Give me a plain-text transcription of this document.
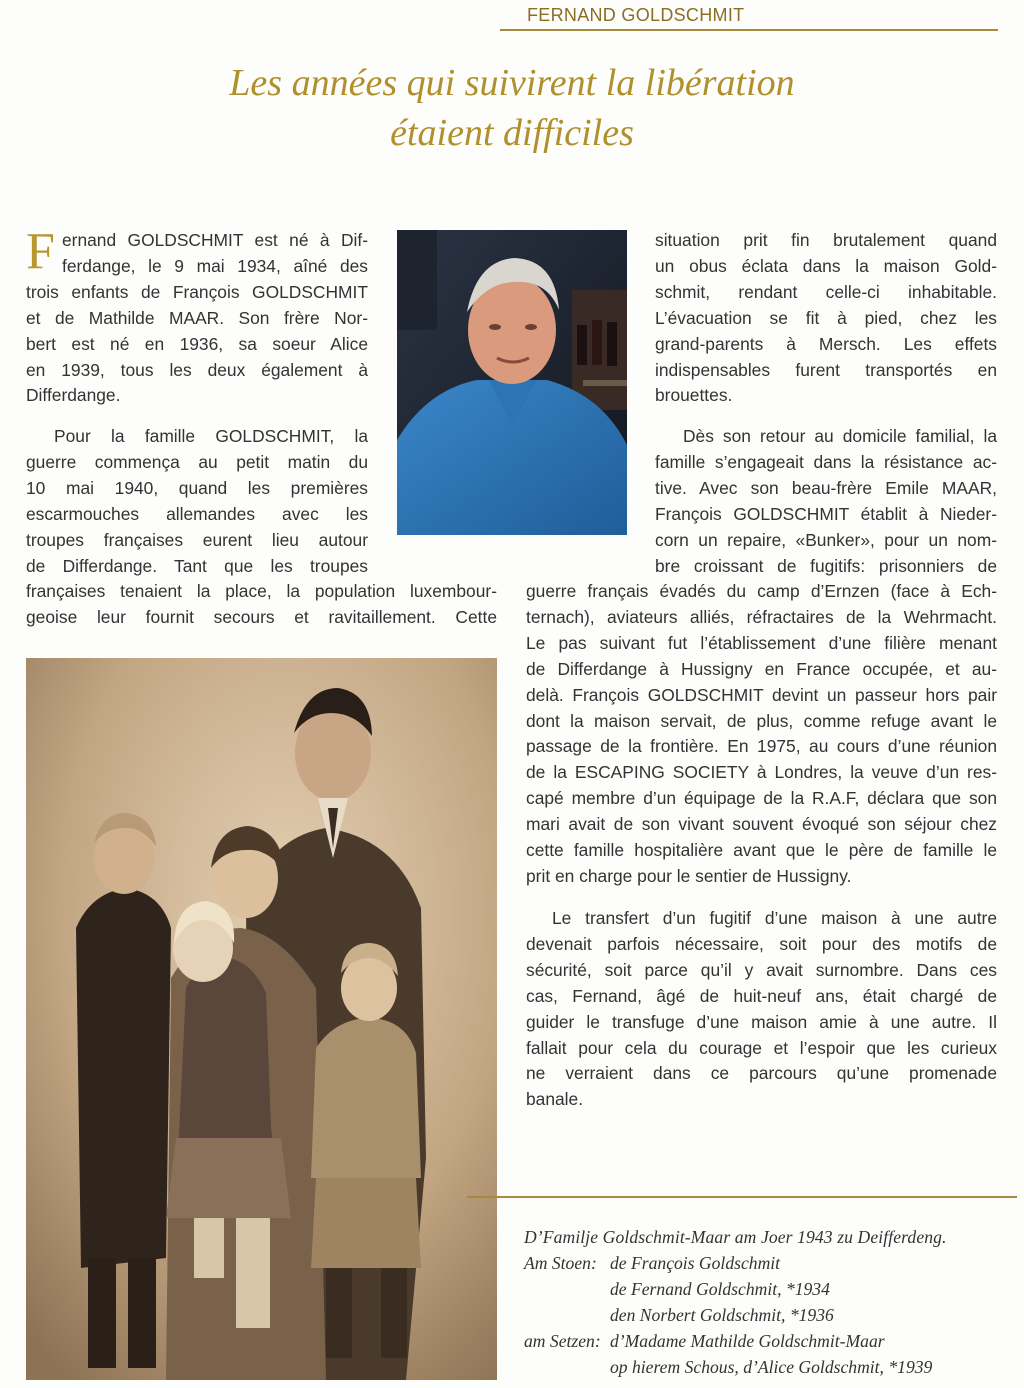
FERNAND GOLDSCHMIT
Les années qui suivirent la libération
étaient difficiles
F ernand GOLDSCHMIT est né à Dif-
ferdange, le 9 mai 1934, aîné des
trois enfants de François GOLDSCHMIT
et de Mathilde MAAR. Son frère Nor-
bert est né en 1936, sa soeur Alice
en 1939, tous les deux également à
Differdange.
Pour la famille GOLDSCHMIT, la
guerre commença au petit matin du
10 mai 1940, quand les premières
escarmouches allemandes avec les
troupes françaises eurent lieu autour
de Differdange. Tant que les troupes
françaises tenaient la place, la population luxembour-
geoise leur fournit secours et ravitaillement. Cette
situation prit fin brutalement quand
un obus éclata dans la maison Gold-
schmit, rendant celle-ci inhabitable.
L’évacuation se fit à pied, chez les
grand-parents à Mersch. Les effets
indispensables furent transportés en
brouettes.
Dès son retour au domicile familial, la
famille s’engageait dans la résistance ac-
tive. Avec son beau-frère Emile MAAR,
François GOLDSCHMIT établit à Nieder-
corn un repaire, «Bunker», pour un nom-
bre croissant de fugitifs: prisonniers de
guerre français évadés du camp d’Ernzen (face à Ech-
ternach), aviateurs alliés, réfractaires de la Wehrmacht.
Le pas suivant fut l’établissement d’une filière menant
de Differdange à Hussigny en France occupée, et au-
delà. François GOLDSCHMIT devint un passeur hors pair
dont la maison servait, de plus, comme refuge avant le
passage de la frontière. En 1975, au cours d’une réunion
de la ESCAPING SOCIETY à Londres, la veuve d’un res-
capé membre d’un équipage de la R.A.F, déclara que son
mari avait de son vivant souvent évoqué son séjour chez
cette famille hospitalière avant que le père de famille le
prit en charge pour le sentier de Hussigny.
Le transfert d’un fugitif d’une maison à une autre
devenait parfois nécessaire, soit pour des motifs de
sécurité, soit parce qu’il y avait surnombre. Dans ces
cas, Fernand, âgé de huit-neuf ans, était chargé de
guider le transfuge d’une maison amie à une autre. Il
fallait pour cela du courage et l’espoir que les curieux
ne verraient dans ce parcours qu’une promenade
banale.
D’Familje Goldschmit-Maar am Joer 1943 zu Deifferdeng.
Am Stoen: de François Goldschmit
de Fernand Goldschmit, *1934
den Norbert Goldschmit, *1936
am Setzen: d’Madame Mathilde Goldschmit-Maar
op hierem Schous, d’Alice Goldschmit, *1939
